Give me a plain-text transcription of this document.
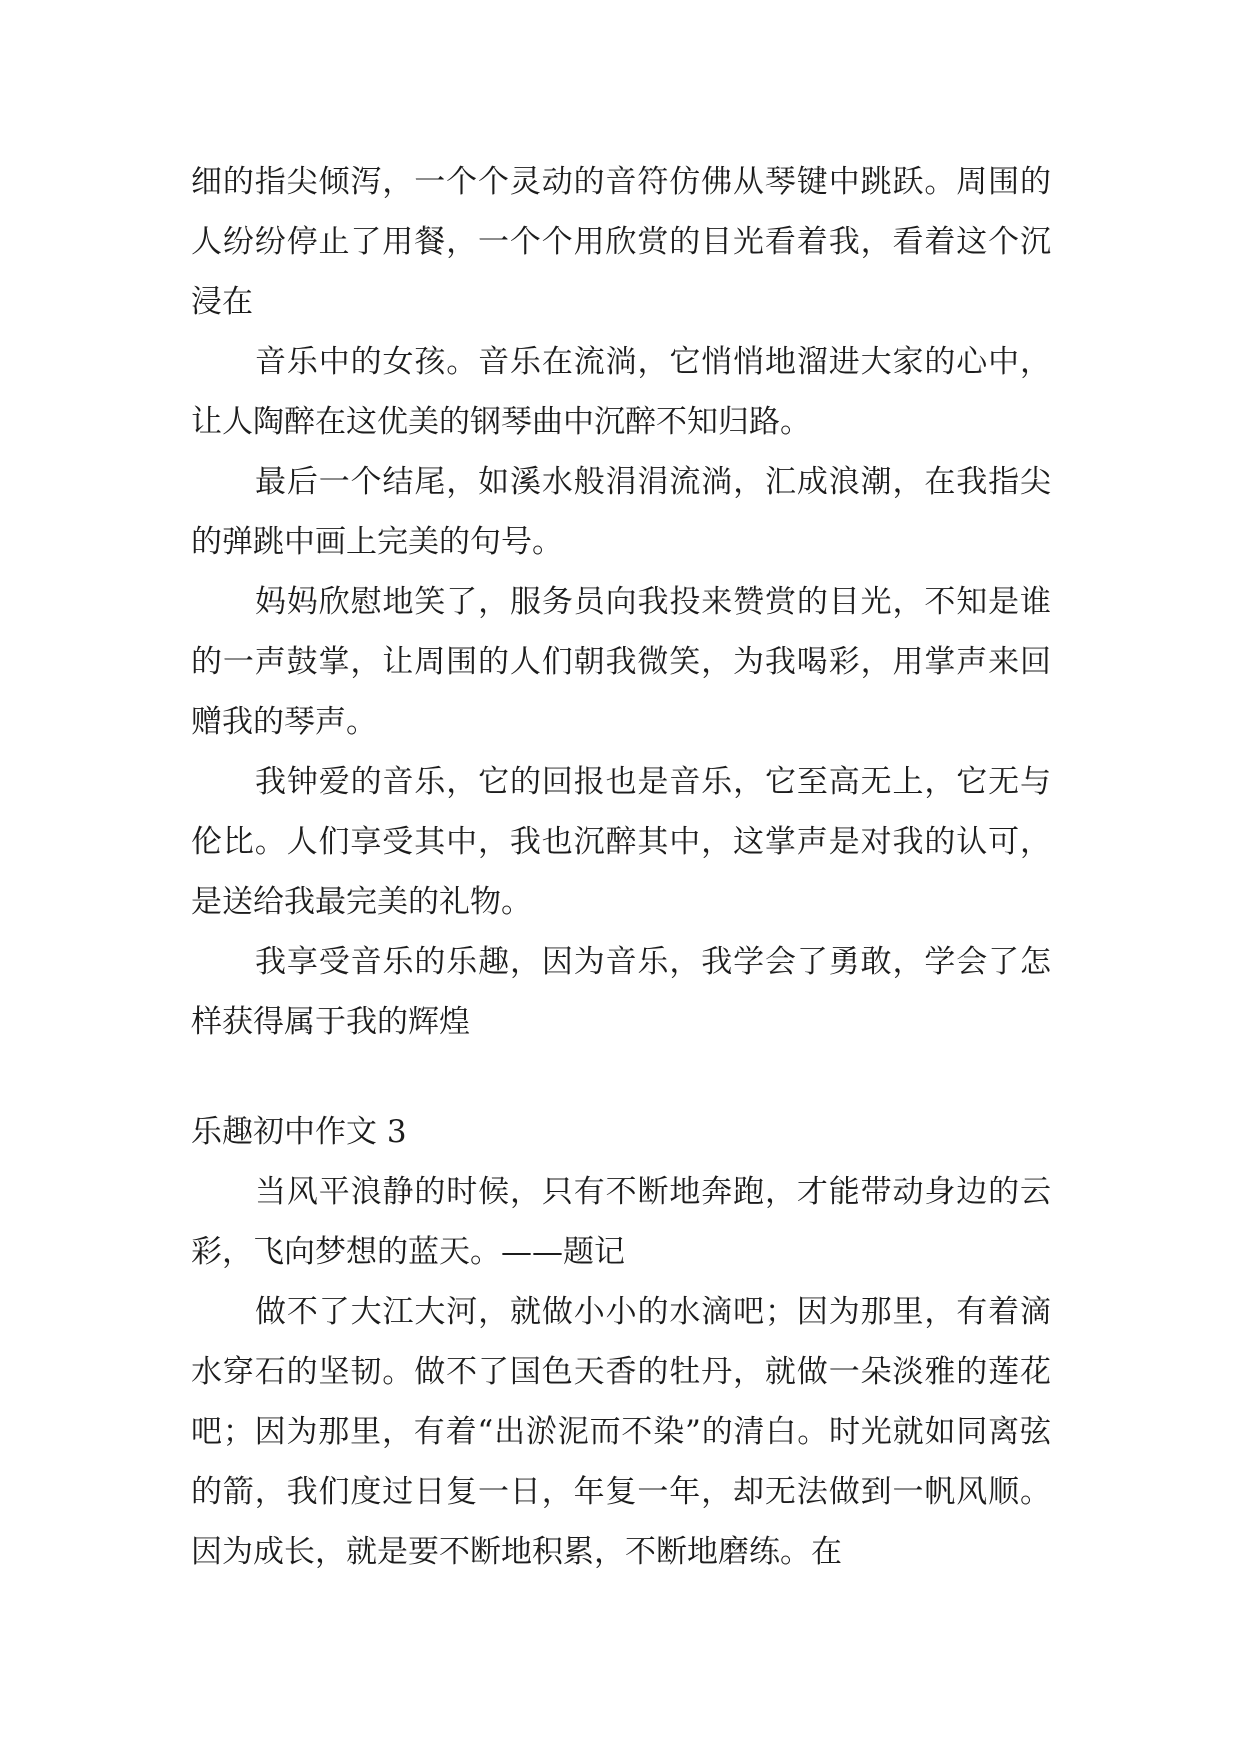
细的指尖倾泻，一个个灵动的音符仿佛从琴键中跳跃。周围的人纷纷停止了用餐，一个个用欣赏的目光看着我，看着这个沉浸在

音乐中的女孩。音乐在流淌，它悄悄地溜进大家的心中，让人陶醉在这优美的钢琴曲中沉醉不知归路。

最后一个结尾，如溪水般涓涓流淌，汇成浪潮，在我指尖的弹跳中画上完美的句号。

妈妈欣慰地笑了，服务员向我投来赞赏的目光，不知是谁的一声鼓掌，让周围的人们朝我微笑，为我喝彩，用掌声来回赠我的琴声。

我钟爱的音乐，它的回报也是音乐，它至高无上，它无与伦比。人们享受其中，我也沉醉其中，这掌声是对我的认可，是送给我最完美的礼物。

我享受音乐的乐趣，因为音乐，我学会了勇敢，学会了怎样获得属于我的辉煌

乐趣初中作文 3

当风平浪静的时候，只有不断地奔跑，才能带动身边的云彩，飞向梦想的蓝天。——题记

做不了大江大河，就做小小的水滴吧；因为那里，有着滴水穿石的坚韧。做不了国色天香的牡丹，就做一朵淡雅的莲花吧；因为那里，有着“出淤泥而不染”的清白。时光就如同离弦的箭，我们度过日复一日，年复一年，却无法做到一帆风顺。因为成长，就是要不断地积累，不断地磨练。在
